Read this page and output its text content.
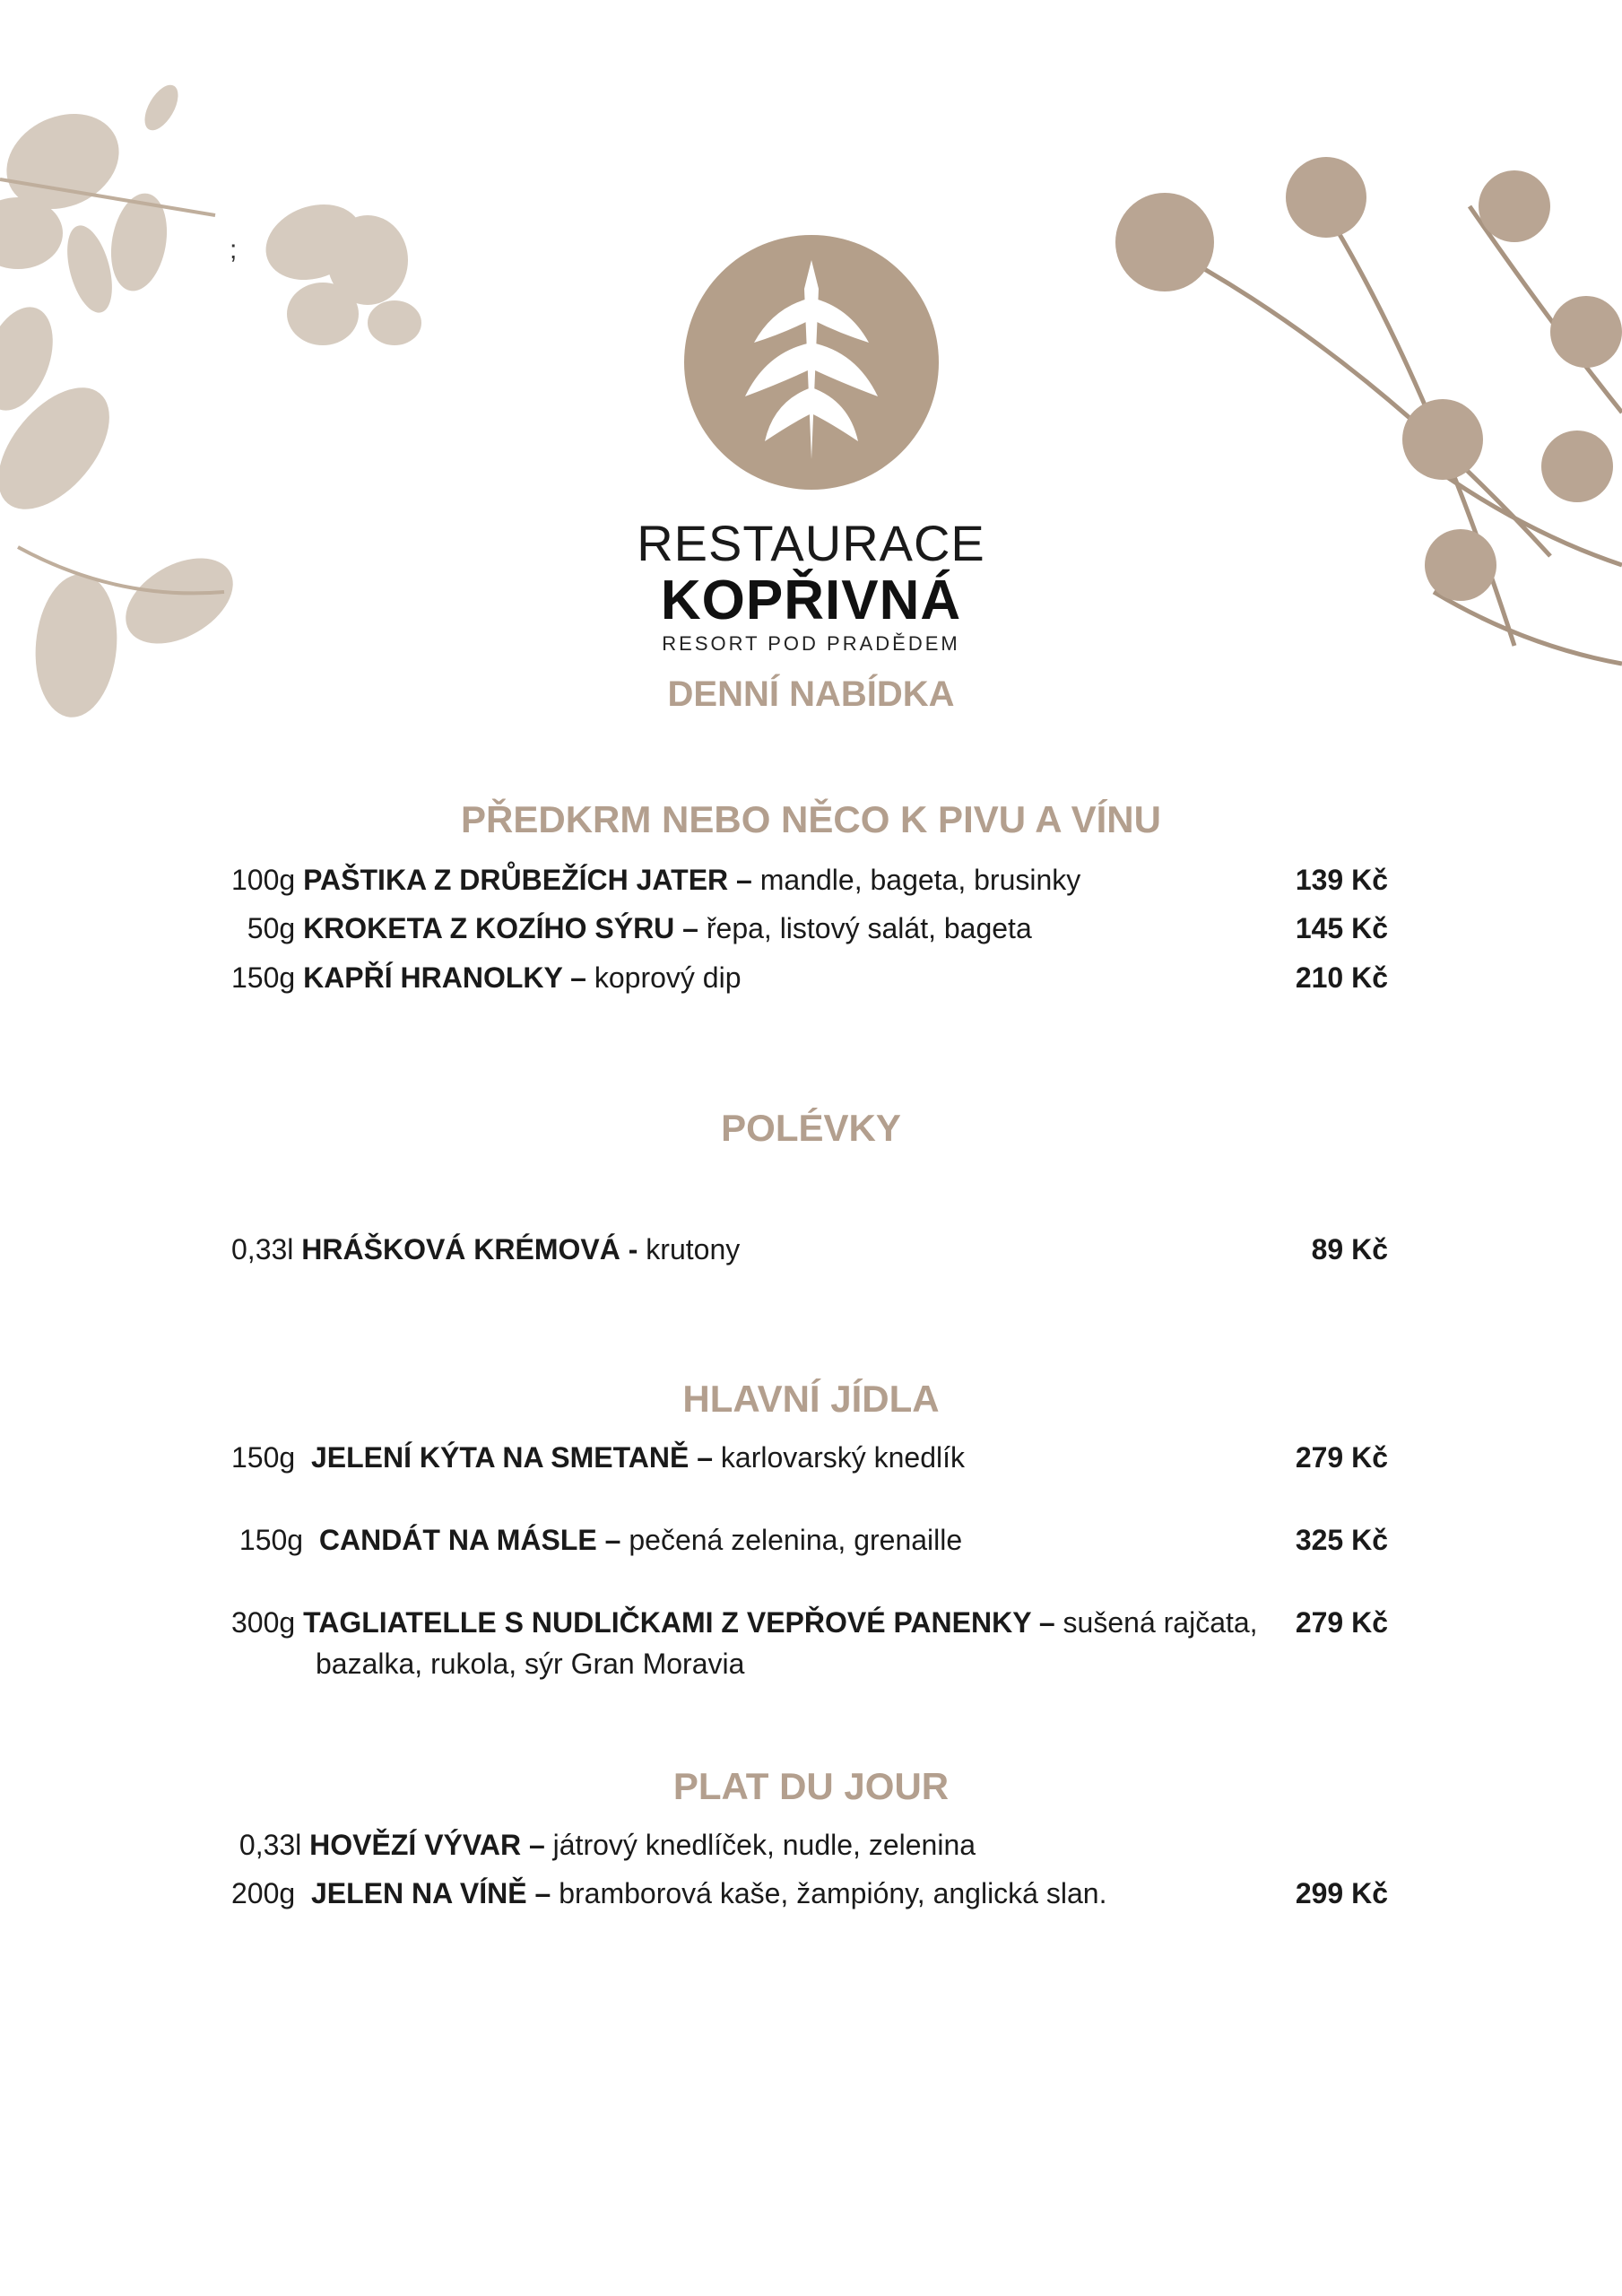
;
RESTAURACE
KOPŘIVNÁ
RESORT POD PRADĚDEM
DENNÍ NABÍDKA
PŘEDKRM NEBO NĚCO K PIVU A VÍNU
100g PAŠTIKA Z DRŮBEŽÍCH JATER – mandle, bageta, brusinky	139 Kč
50g KROKETA Z KOZÍHO SÝRU – řepa, listový salát, bageta	145 Kč
150g KAPŘÍ HRANOLKY – koprový dip	210 Kč
POLÉVKY
0,33l HRÁŠKOVÁ KRÉMOVÁ - krutony	89 Kč
HLAVNÍ JÍDLA
150g JELENÍ KÝTA NA SMETANĚ – karlovarský knedlík	279 Kč
150g CANDÁT NA MÁSLE – pečená zelenina, grenaille	325 Kč
300g TAGLIATELLE S NUDLIČKAMI Z VEPŘOVÉ PANENKY – sušená rajčata,	279 Kč
bazalka, rukola, sýr Gran Moravia
PLAT DU JOUR
0,33l HOVĚZÍ VÝVAR – játrový knedlíček, nudle, zelenina
200g JELEN NA VÍNĚ – bramborová kaše, žampióny, anglická slan.	299 Kč
